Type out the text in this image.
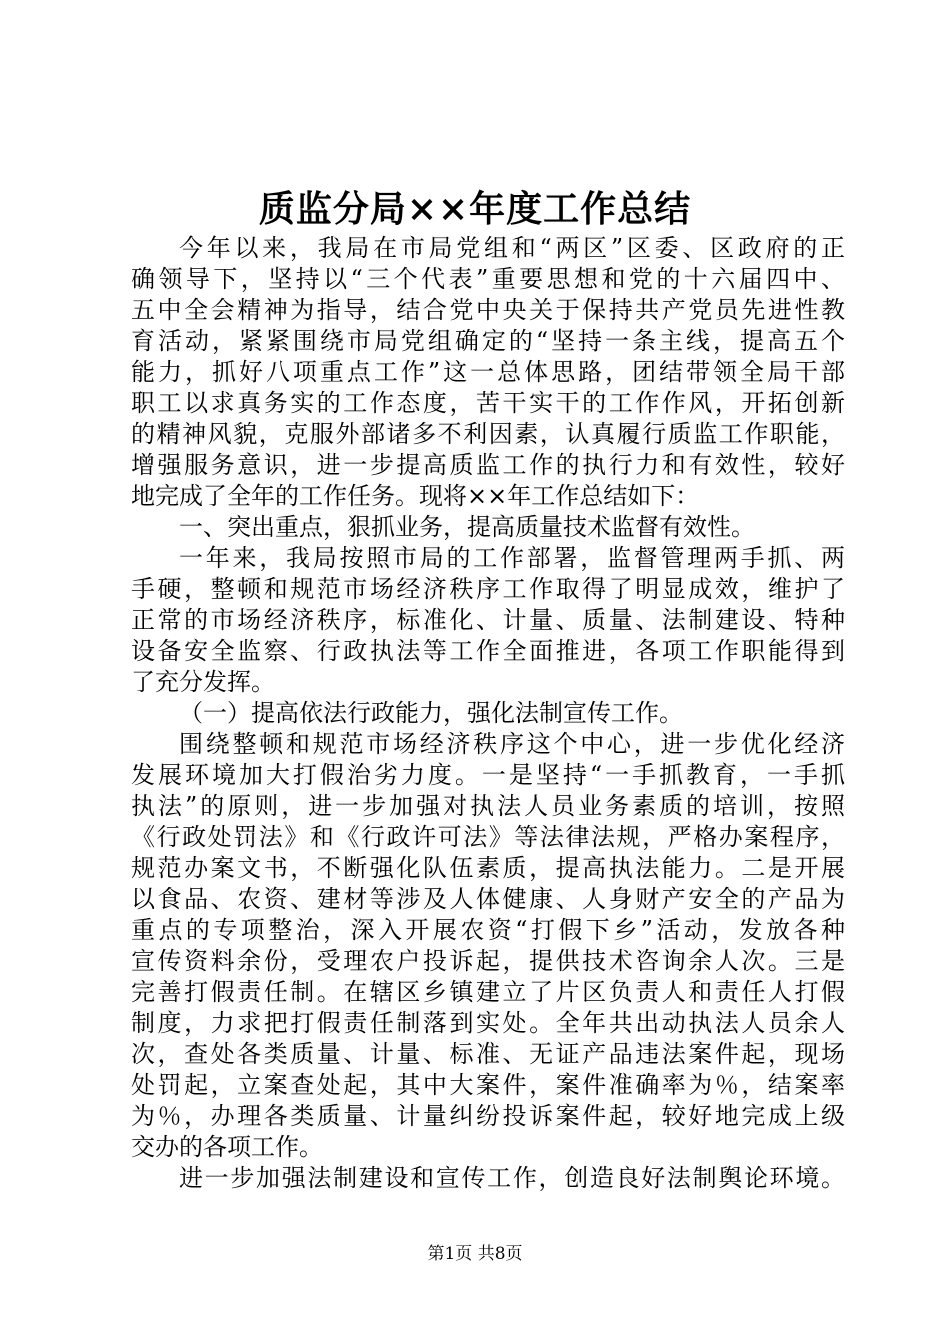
质监分局××年度工作总结
今年以来，我局在市局党组和“两区”区委、区政府的正
确领导下，坚持以“三个代表”重要思想和党的十六届四中、
五中全会精神为指导，结合党中央关于保持共产党员先进性教
育活动，紧紧围绕市局党组确定的“坚持一条主线，提高五个
能力，抓好八项重点工作”这一总体思路，团结带领全局干部
职工以求真务实的工作态度，苦干实干的工作作风，开拓创新
的精神风貌，克服外部诸多不利因素，认真履行质监工作职能，
增强服务意识，进一步提高质监工作的执行力和有效性，较好
地完成了全年的工作任务。现将××年工作总结如下：
一、突出重点，狠抓业务，提高质量技术监督有效性。
一年来，我局按照市局的工作部署，监督管理两手抓、两
手硬，整顿和规范市场经济秩序工作取得了明显成效，维护了
正常的市场经济秩序，标准化、计量、质量、法制建设、特种
设备安全监察、行政执法等工作全面推进，各项工作职能得到
了充分发挥。
（一）提高依法行政能力，强化法制宣传工作。
围绕整顿和规范市场经济秩序这个中心，进一步优化经济
发展环境加大打假治劣力度。一是坚持“一手抓教育，一手抓
执法”的原则，进一步加强对执法人员业务素质的培训，按照
《行政处罚法》和《行政许可法》等法律法规，严格办案程序，
规范办案文书，不断强化队伍素质，提高执法能力。二是开展
以食品、农资、建材等涉及人体健康、人身财产安全的产品为
重点的专项整治，深入开展农资“打假下乡”活动，发放各种
宣传资料余份，受理农户投诉起，提供技术咨询余人次。三是
完善打假责任制。在辖区乡镇建立了片区负责人和责任人打假
制度，力求把打假责任制落到实处。全年共出动执法人员余人
次，查处各类质量、计量、标准、无证产品违法案件起，现场
处罚起，立案查处起，其中大案件，案件准确率为％，结案率
为％，办理各类质量、计量纠纷投诉案件起，较好地完成上级
交办的各项工作。
进一步加强法制建设和宣传工作，创造良好法制舆论环境。
第1页 共8页
